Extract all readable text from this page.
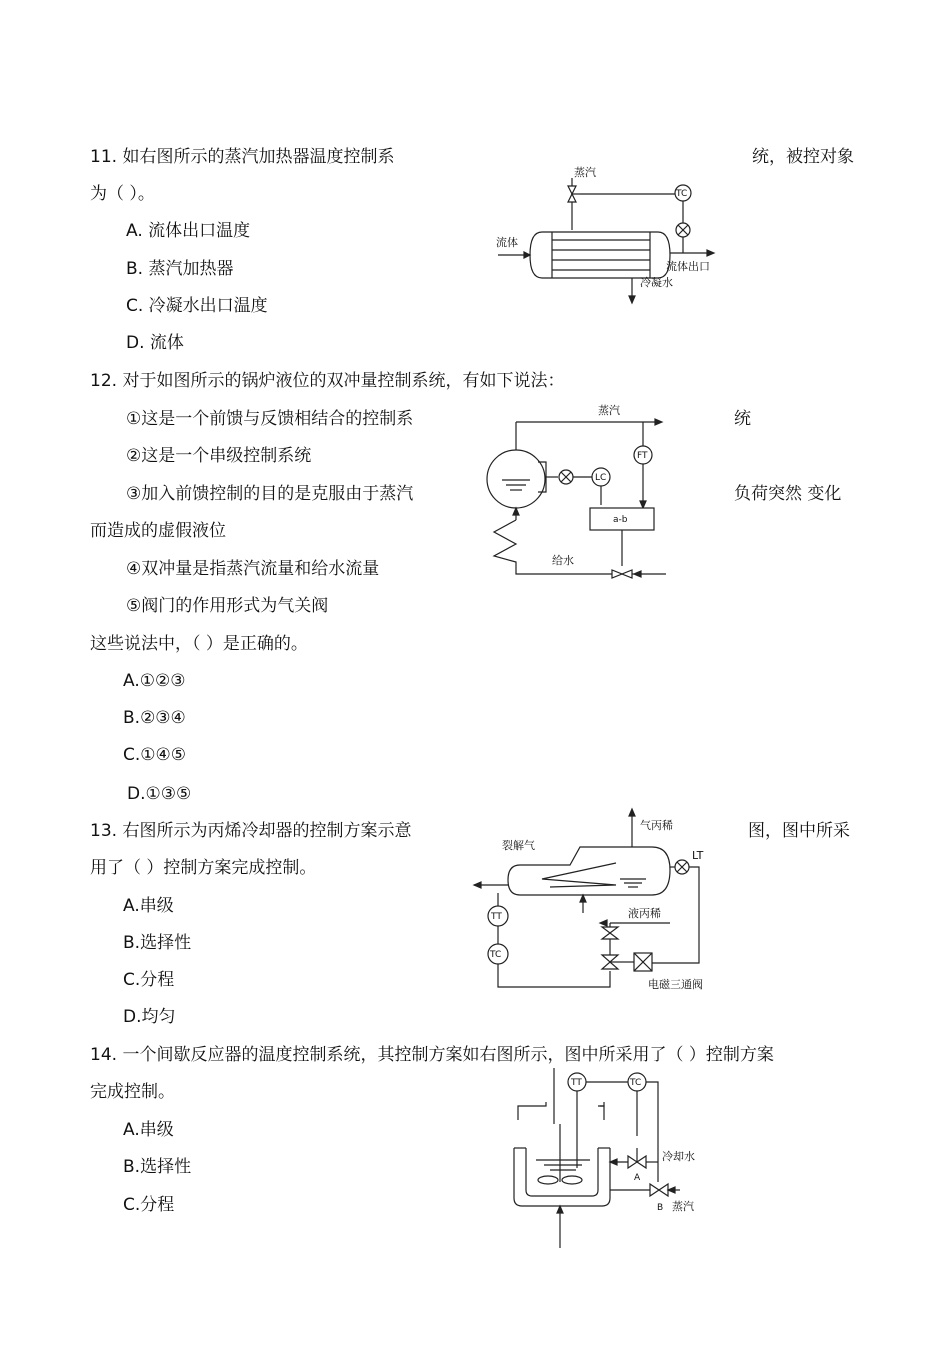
11. 如右图所示的蒸汽加热器温度控制系	统，被控对象
为（ ）。
A. 流体出口温度
B. 蒸汽加热器
C. 冷凝水出口温度
D. 流体
蒸汽
TC
流体
流体出口
冷凝水
12. 对于如图所示的锅炉液位的双冲量控制系统，有如下说法：
①这是一个前馈与反馈相结合的控制系	统
②这是一个串级控制系统
③加入前馈控制的目的是克服由于蒸汽	负荷突然 变化
而造成的虚假液位
④双冲量是指蒸汽流量和给水流量
⑤阀门的作用形式为气关阀
这些说法中，（ ）是正确的。
A.①②③
B.②③④
C.①④⑤
D.①③⑤
蒸汽
FT
LC
a-b
给水
13. 右图所示为丙烯冷却器的控制方案示意	图，图中所采
用了（ ）控制方案完成控制。
A.串级
B.选择性
C.分程
D.均匀
气丙稀
裂解气
LT
TT
TC
液丙稀
电磁三通阀
14. 一个间歇反应器的温度控制系统，其控制方案如右图所示，图中所采用了（ ）控制方案
完成控制。
A.串级
B.选择性
C.分程
TT	TC
冷却水
A
B 蒸汽
